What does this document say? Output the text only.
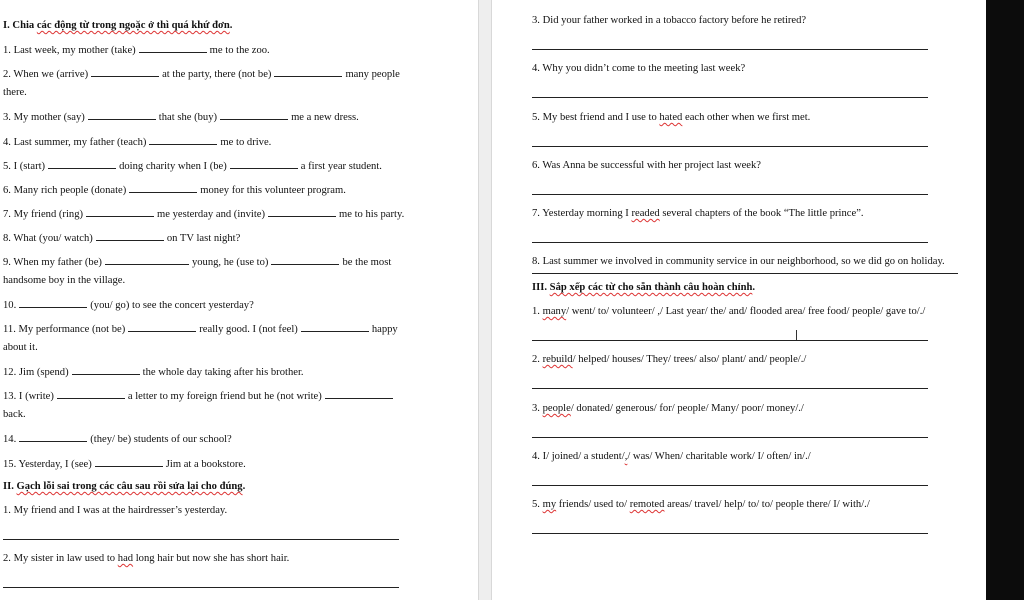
I. Chia các động từ trong ngoặc ở thì quá khứ đơn.
1. Last week, my mother (take)	me to the zoo.
2. When we (arrive)	at the party, there (not be)	many people
there.
3. My mother (say)	that she (buy)	me a new dress.
4. Last summer, my father (teach)	me to drive.
5. I (start)	doing charity when I (be)	a first year student.
6. Many rich people (donate)	money for this volunteer program.
7. My friend (ring)	me yesterday and (invite)	me to his party.
8. What (you/ watch)	on TV last night?
9. When my father (be)	young, he (use to)	be the most
handsome boy in the village.
10.	(you/ go) to see the concert yesterday?
11. My performance (not be)	really good. I (not feel)	happy
about it.
12. Jim (spend)	the whole day taking after his brother.
13. I (write)	a letter to my foreign friend but he (not write)
back.
14.	(they/ be) students of our school?
15. Yesterday, I (see)	Jim at a bookstore.
II. Gạch lỗi sai trong các câu sau rồi sửa lại cho đúng.
1. My friend and I was at the hairdresser’s yesterday.
2. My sister in law used to had long hair but now she has short hair.
3. Did your father worked in a tobacco factory before he retired?
4. Why you didn’t come to the meeting last week?
5. My best friend and I use to hated each other when we first met.
6. Was Anna be successful with her project last week?
7. Yesterday morning I readed several chapters of the book “The little prince”.
8. Last summer we involved in community service in our neighborhood, so we did go on holiday.
III. Sắp xếp các từ cho sẵn thành câu hoàn chỉnh.
1. many/ went/ to/ volunteer/ ,/ Last year/ the/ and/ flooded area/ free food/ people/ gave to/./
2. rebuild/ helped/ houses/ They/ trees/ also/ plant/ and/ people/./
3. people/ donated/ generous/ for/ people/ Many/ poor/ money/./
4. I/ joined/ a student/,/ was/ When/ charitable work/ I/ often/ in/./
5. my friends/ used to/ remoted areas/ travel/ help/ to/ to/ people there/ I/ with/./
